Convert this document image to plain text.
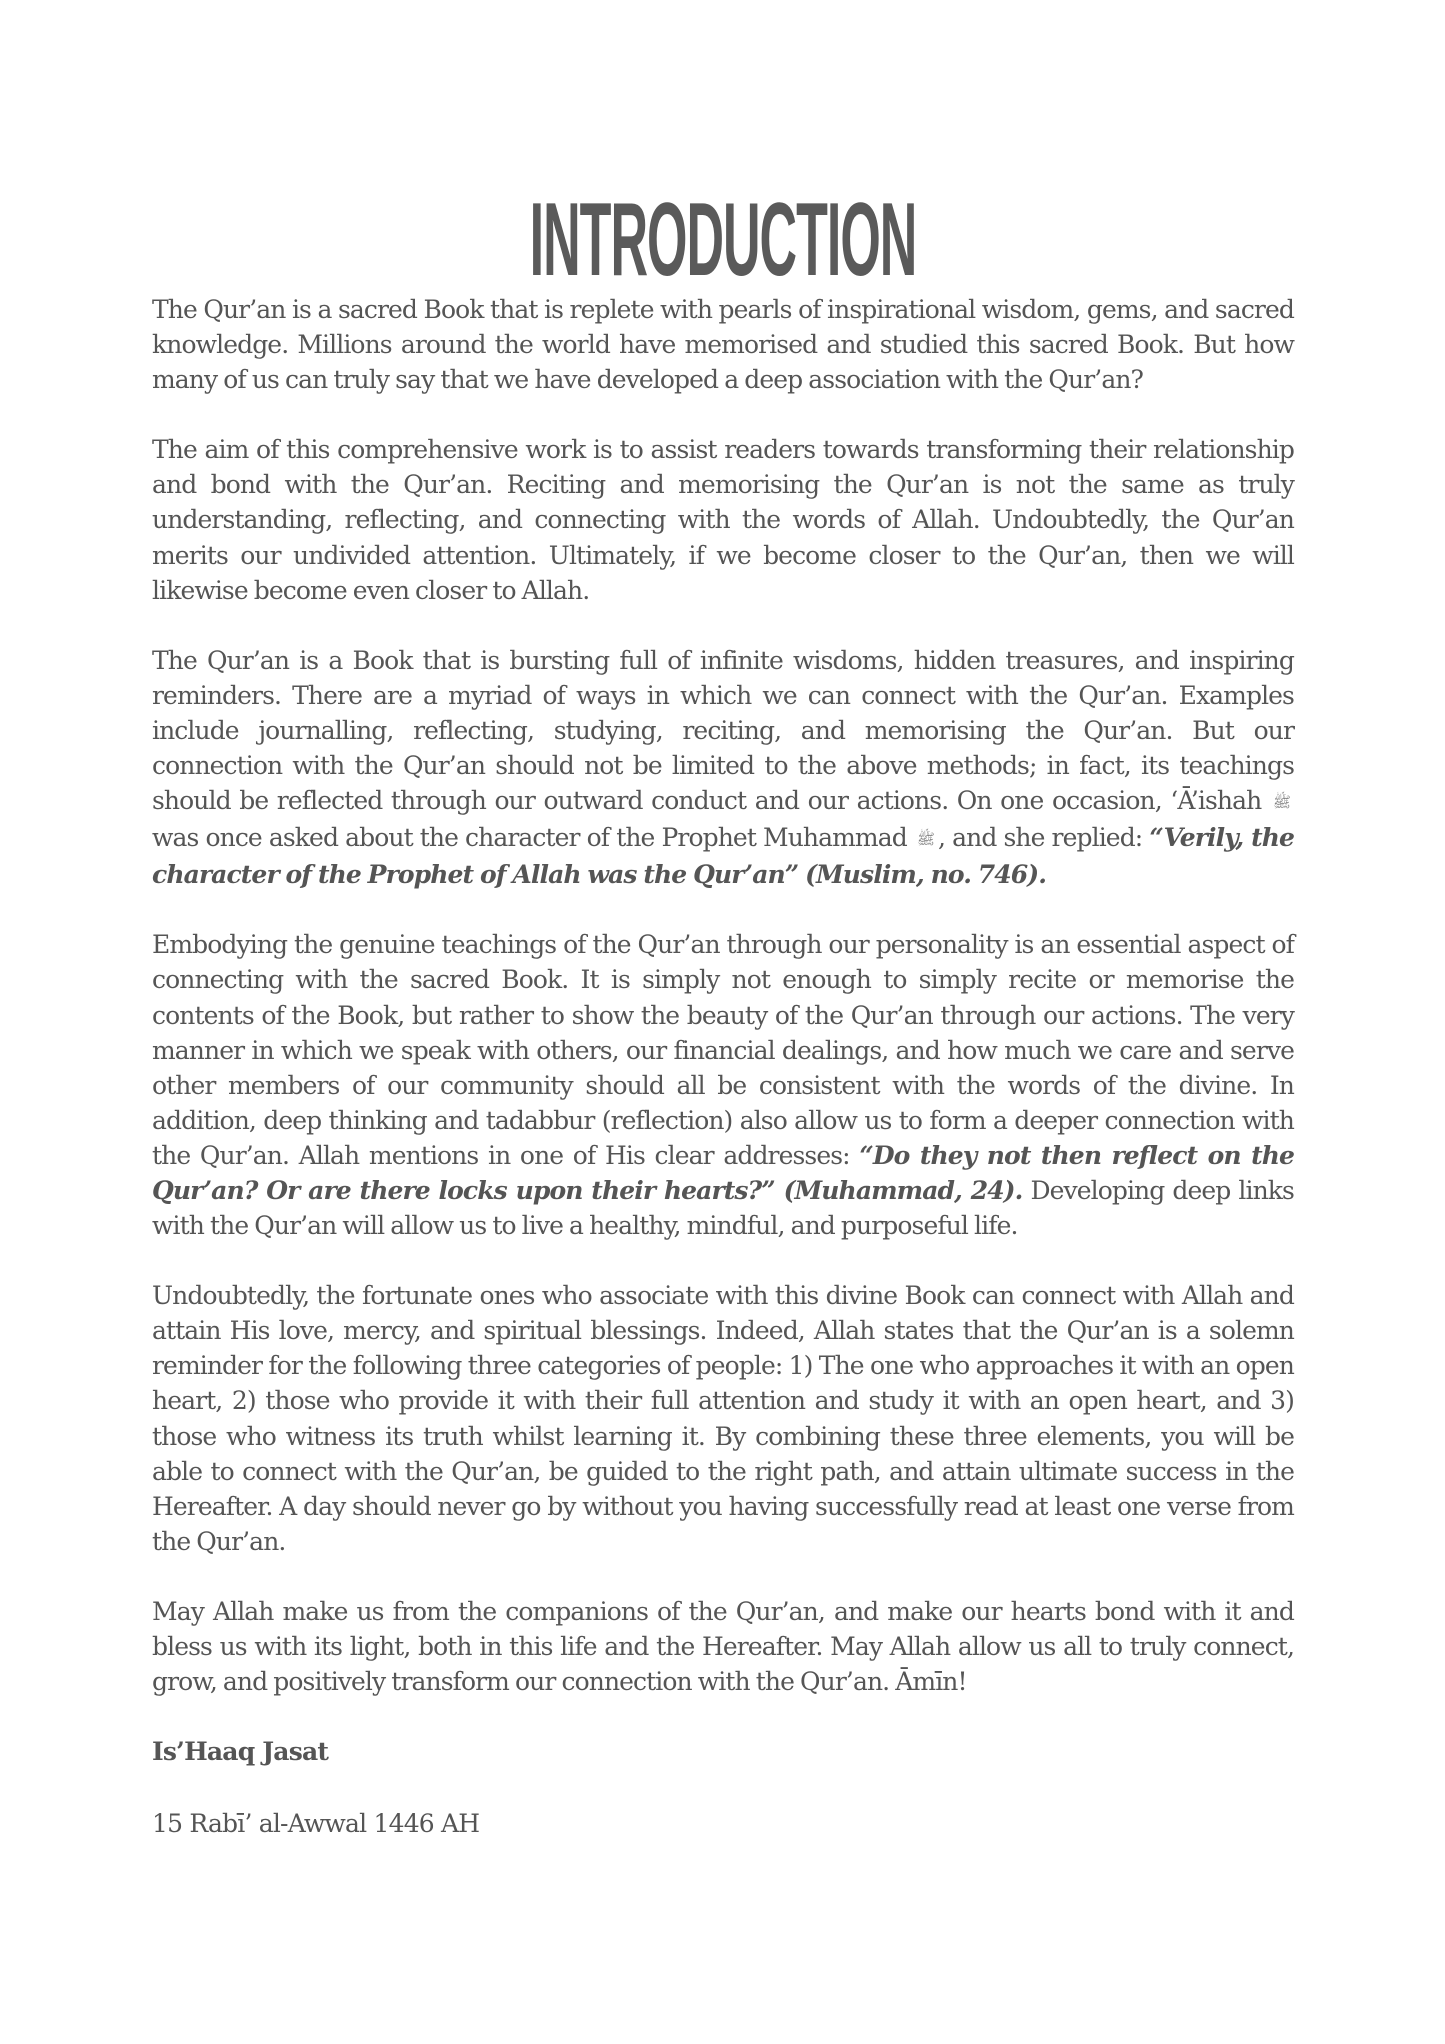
INTRODUCTION

The Qur’an is a sacred Book that is replete with pearls of inspirational wisdom, gems, and sacred knowledge. Millions around the world have memorised and studied this sacred Book. But how many of us can truly say that we have developed a deep association with the Qur’an?

The aim of this comprehensive work is to assist readers towards transforming their relationship and bond with the Qur’an. Reciting and memorising the Qur’an is not the same as truly understanding, reflecting, and connecting with the words of Allah. Undoubtedly, the Qur’an merits our undivided attention. Ultimately, if we become closer to the Qur’an, then we will likewise become even closer to Allah.

The Qur’an is a Book that is bursting full of infinite wisdoms, hidden treasures, and inspiring reminders. There are a myriad of ways in which we can connect with the Qur’an. Examples include journalling, reflecting, studying, reciting, and memorising the Qur’an. But our connection with the Qur’an should not be limited to the above methods; in fact, its teachings should be reflected through our outward conduct and our actions. On one occasion, ‘Ā’ishah ﷺ was once asked about the character of the Prophet Muhammad ﷺ , and she replied: “Verily, the character of the Prophet of Allah was the Qur’an” (Muslim, no. 746).

Embodying the genuine teachings of the Qur’an through our personality is an essential aspect of connecting with the sacred Book. It is simply not enough to simply recite or memorise the contents of the Book, but rather to show the beauty of the Qur’an through our actions. The very manner in which we speak with others, our financial dealings, and how much we care and serve other members of our community should all be consistent with the words of the divine. In addition, deep thinking and tadabbur (reflection) also allow us to form a deeper connection with the Qur’an. Allah mentions in one of His clear addresses: “Do they not then reflect on the Qur’an? Or are there locks upon their hearts?” (Muhammad, 24). Developing deep links with the Qur’an will allow us to live a healthy, mindful, and purposeful life.

Undoubtedly, the fortunate ones who associate with this divine Book can connect with Allah and attain His love, mercy, and spiritual blessings. Indeed, Allah states that the Qur’an is a solemn reminder for the following three categories of people: 1) The one who approaches it with an open heart, 2) those who provide it with their full attention and study it with an open heart, and 3) those who witness its truth whilst learning it. By combining these three elements, you will be able to connect with the Qur’an, be guided to the right path, and attain ultimate success in the Hereafter. A day should never go by without you having successfully read at least one verse from the Qur’an.

May Allah make us from the companions of the Qur’an, and make our hearts bond with it and bless us with its light, both in this life and the Hereafter. May Allah allow us all to truly connect, grow, and positively transform our connection with the Qur’an. Āmīn!

Is’Haaq Jasat

15 Rabī’ al-Awwal 1446 AH
